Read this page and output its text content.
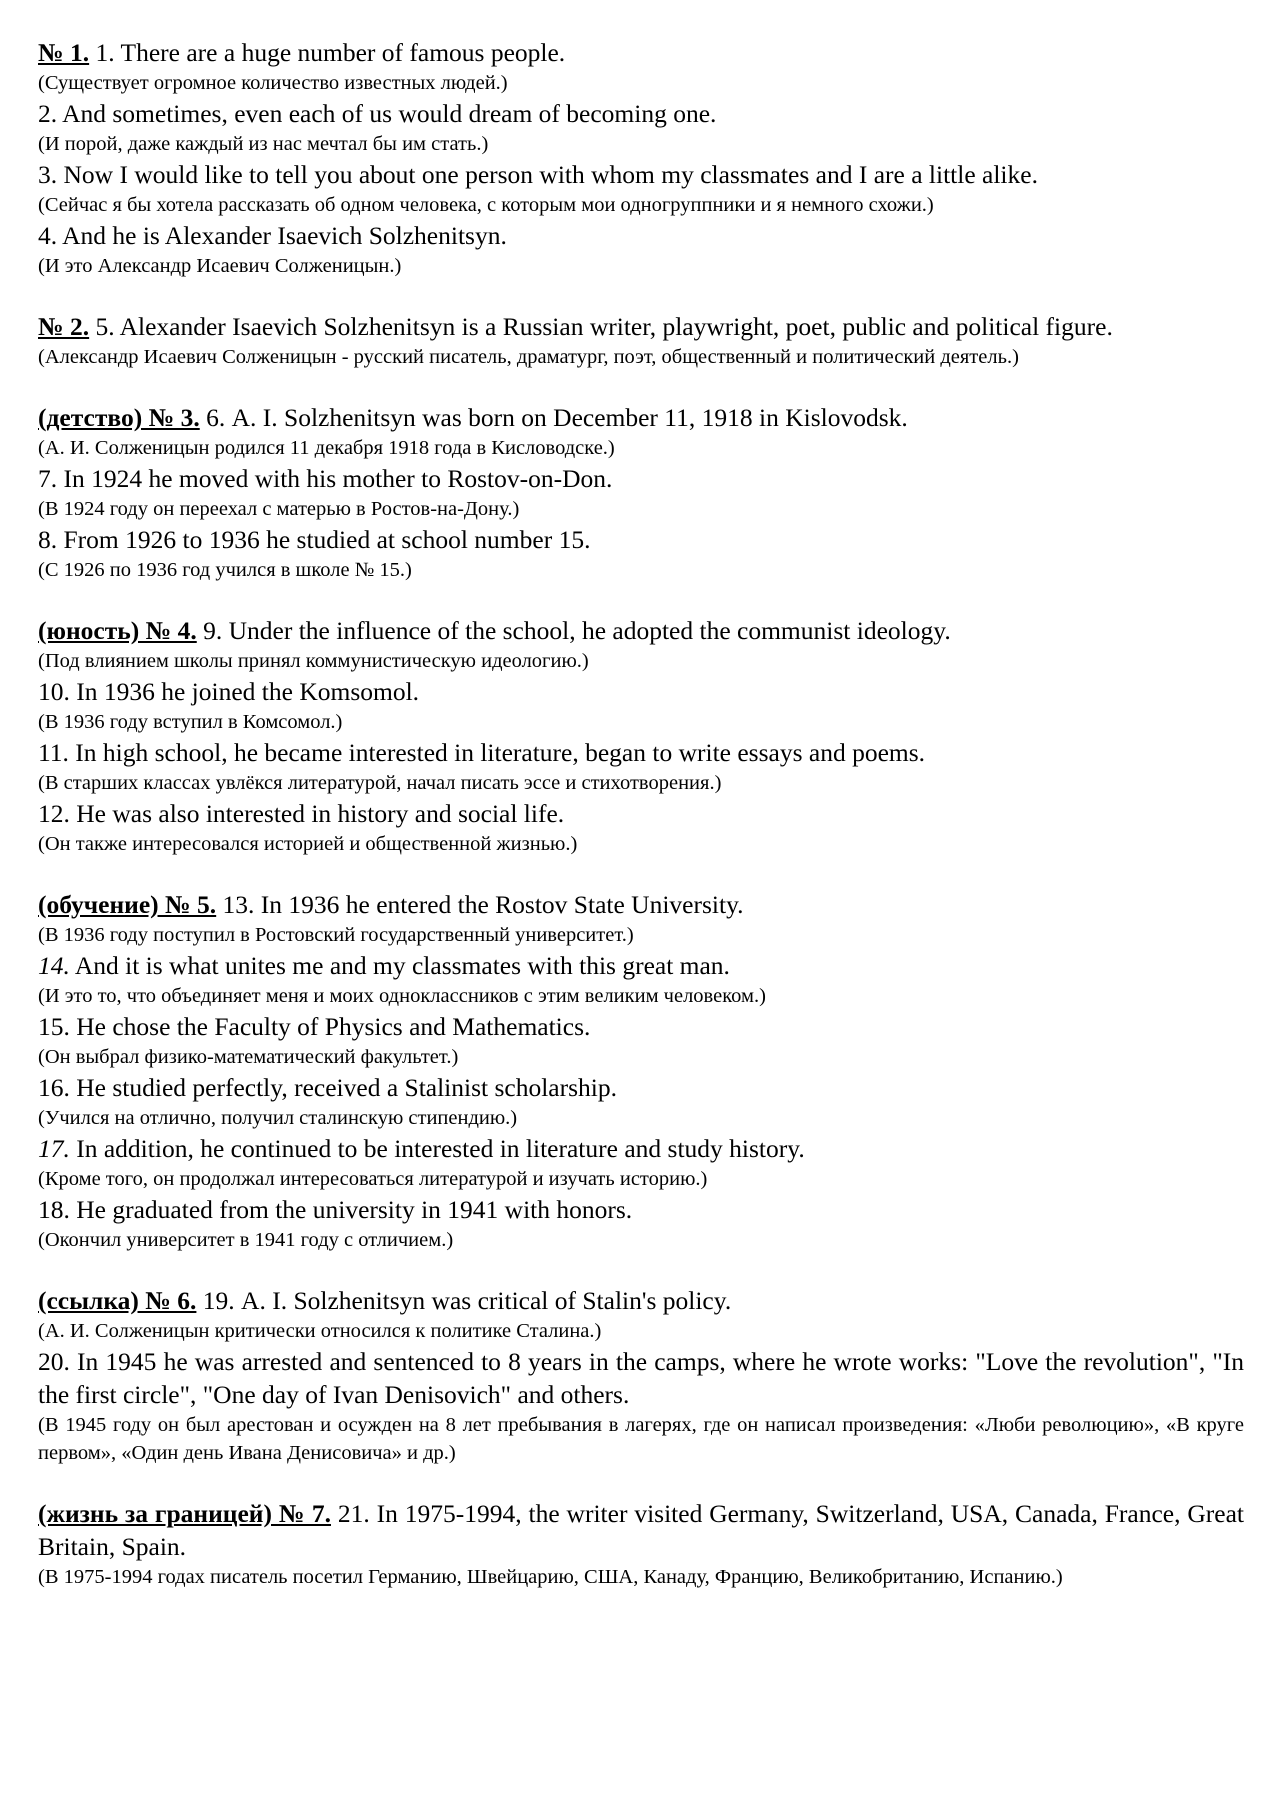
№ 1. 1. There are a huge number of famous people.

(Существует огромное количество известных людей.)

2. And sometimes, even each of us would dream of becoming one.

(И порой, даже каждый из нас мечтал бы им стать.)

3. Now I would like to tell you about one person with whom my classmates and I are a little alike.

(Сейчас я бы хотела рассказать об одном человека, с которым мои одногруппники и я немного схожи.)

4. And he is Alexander Isaevich Solzhenitsyn.

(И это Александр Исаевич Солженицын.)

№ 2. 5. Alexander Isaevich Solzhenitsyn is a Russian writer, playwright, poet, public and political figure.

(Александр Исаевич Солженицын - русский писатель, драматург, поэт, общественный и политический деятель.)

(детство) № 3. 6. A. I. Solzhenitsyn was born on December 11, 1918 in Kislovodsk.

(А. И. Солженицын родился 11 декабря 1918 года в Кисловодске.)

7. In 1924 he moved with his mother to Rostov-on-Don.

(В 1924 году он переехал с матерью в Ростов-на-Дону.)

8. From 1926 to 1936 he studied at school number 15.

(С 1926 по 1936 год учился в школе № 15.)

(юность) № 4. 9. Under the influence of the school, he adopted the communist ideology.

(Под влиянием школы принял коммунистическую идеологию.)

10. In 1936 he joined the Komsomol.

(В 1936 году вступил в Комсомол.)

11. In high school, he became interested in literature, began to write essays and poems.

(В старших классах увлёкся литературой, начал писать эссе и стихотворения.)

12. He was also interested in history and social life.

(Он также интересовался историей и общественной жизнью.)

(обучение) № 5. 13. In 1936 he entered the Rostov State University.

(В 1936 году поступил в Ростовский государственный университет.)

14. And it is what unites me and my classmates with this great man.

(И это то, что объединяет меня и моих одноклассников с этим великим человеком.)

15. He chose the Faculty of Physics and Mathematics.

(Он выбрал физико-математический факультет.)

16. He studied perfectly, received a Stalinist scholarship.

(Учился на отлично, получил сталинскую стипендию.)

17. In addition, he continued to be interested in literature and study history.

(Кроме того, он продолжал интересоваться литературой и изучать историю.)

18. He graduated from the university in 1941 with honors.

(Окончил университет в 1941 году с отличием.)

(ссылка) № 6. 19. A. I. Solzhenitsyn was critical of Stalin's policy.

(А. И. Солженицын критически относился к политике Сталина.)

20. In 1945 he was arrested and sentenced to 8 years in the camps, where he wrote works: "Love the revolution", "In the first circle", "One day of Ivan Denisovich" and others.

(В 1945 году он был арестован и осужден на 8 лет пребывания в лагерях, где он написал произведения: «Люби революцию», «В круге первом», «Один день Ивана Денисовича» и др.)

(жизнь за границей) № 7. 21. In 1975-1994, the writer visited Germany, Switzerland, USA, Canada, France, Great Britain, Spain.

(В 1975-1994 годах писатель посетил Германию, Швейцарию, США, Канаду, Францию, Великобританию, Испанию.)
